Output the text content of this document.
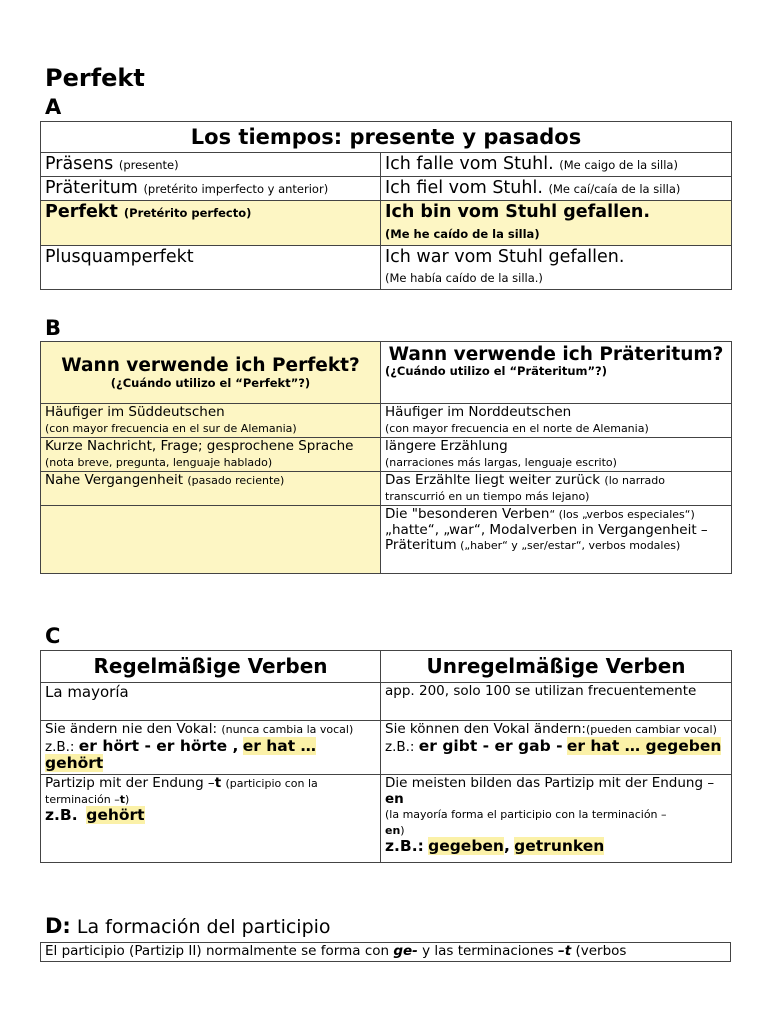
Perfekt
A
Los tiempos: presente y pasados	
Präsens (presente)	Ich falle vom Stuhl. (Me caigo de la silla)
Präteritum (pretérito imperfecto y anterior)	Ich fiel vom Stuhl. (Me caí/caía de la silla)
Perfekt (Pretérito perfecto)	Ich bin vom Stuhl gefallen.
(Me he caído de la silla)
Plusquamperfekt	Ich war vom Stuhl gefallen.
(Me había caído de la silla.)
B
Wann verwende ich Perfekt?
(¿Cuándo utilizo el “Perfekt”?)	Wann verwende ich Präteritum?
(¿Cuándo utilizo el “Präteritum”?)

Häufiger im Süddeutschen
(con mayor frecuencia en el sur de Alemania)	Häufiger im Norddeutschen
(con mayor frecuencia en el norte de Alemania)
Kurze Nachricht, Frage; gesprochene Sprache
(nota breve, pregunta, lenguaje hablado)	längere Erzählung
(narraciones más largas, lenguaje escrito)
Nahe Vergangenheit (pasado reciente)	Das Erzählte liegt weiter zurück (lo narrado transcurrió en un tiempo más lejano)
	Die "besonderen Verben“ (los „verbos especiales“) „hatte“, „war“, Modalverben in Vergangenheit – Präteritum („haber“ y „ser/estar“, verbos modales)
C
Regelmäßige Verben	Unregelmäßige Verben
La mayoría	app. 200, solo 100 se utilizan frecuentemente
Sie ändern nie den Vokal: (nunca cambia la vocal)
z.B.: er hört - er hörte , er hat … gehört	Sie können den Vokal ändern:(pueden cambiar vocal)
z.B.: er gibt - er gab - er hat … gegeben
Partizip mit der Endung –t (participio con la terminación –t)
z.B. gehört	Die meisten bilden das Partizip mit der Endung –
en
(la mayoría forma el participio con la terminación –
en)
z.B.: gegeben, getrunken
D: La formación del participio
El participio (Partizip II) normalmente se forma con ge- y las terminaciones –t (verbos
